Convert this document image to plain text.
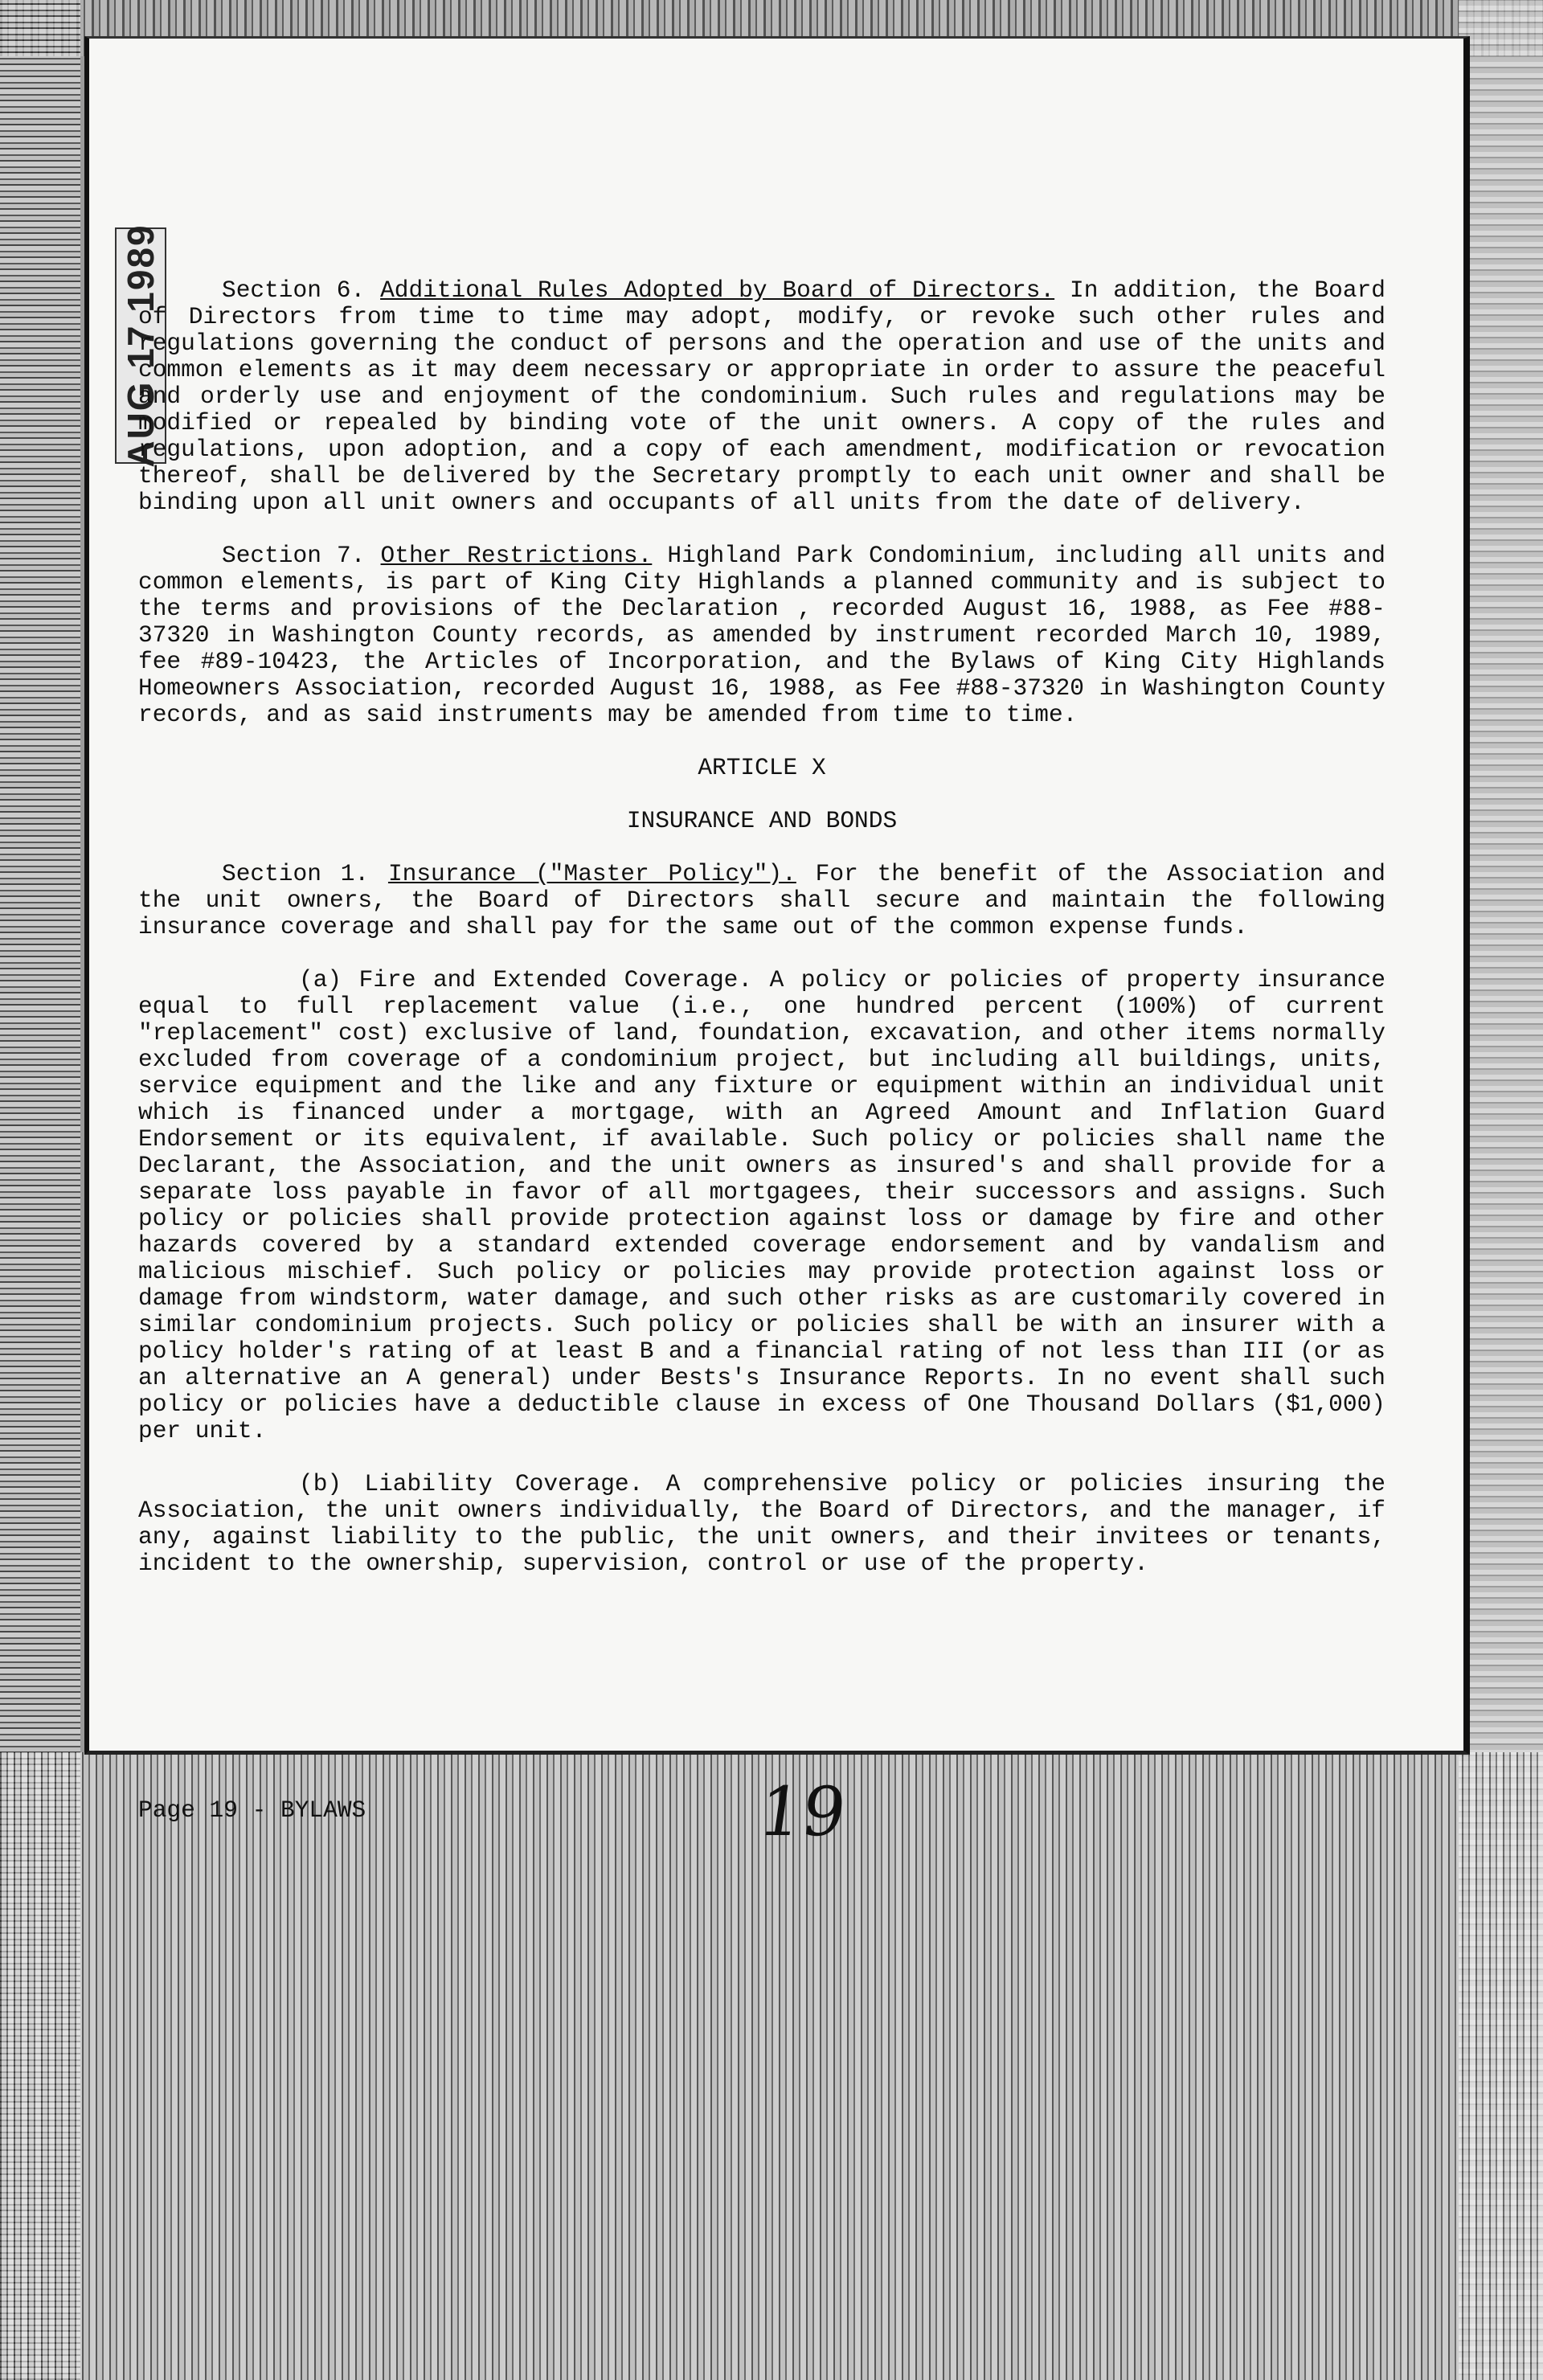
AUG 17 1989	Section 6. Additional Rules Adopted by Board of Directors. In addition, the Board of Directors from time to time may adopt, modify, or revoke such other rules and regulations governing the conduct of persons and the operation and use of the units and common elements as it may deem necessary or appropriate in order to assure the peaceful and orderly use and enjoyment of the condominium. Such rules and regulations may be modified or repealed by binding vote of the unit owners. A copy of the rules and regulations, upon adoption, and a copy of each amendment, modification or revocation thereof, shall be delivered by the Secretary promptly to each unit owner and shall be binding upon all unit owners and occupants of all units from the date of delivery.

Section 7. Other Restrictions. Highland Park Condominium, including all units and common elements, is part of King City Highlands a planned community and is subject to the terms and provisions of the Declaration , recorded August 16, 1988, as Fee #88-37320 in Washington County records, as amended by instrument recorded March 10, 1989, fee #89-10423, the Articles of Incorporation, and the Bylaws of King City Highlands Homeowners Association, recorded August 16, 1988, as Fee #88-37320 in Washington County records, and as said instruments may be amended from time to time.

ARTICLE X

INSURANCE AND BONDS

Section 1. Insurance ("Master Policy"). For the benefit of the Association and the unit owners, the Board of Directors shall secure and maintain the following insurance coverage and shall pay for the same out of the common expense funds.

(a) Fire and Extended Coverage. A policy or policies of property insurance equal to full replacement value (i.e., one hundred percent (100%) of current "replacement" cost) exclusive of land, foundation, excavation, and other items normally excluded from coverage of a condominium project, but including all buildings, units, service equipment and the like and any fixture or equipment within an individual unit which is financed under a mortgage, with an Agreed Amount and Inflation Guard Endorsement or its equivalent, if available. Such policy or policies shall name the Declarant, the Association, and the unit owners as insured's and shall provide for a separate loss payable in favor of all mortgagees, their successors and assigns. Such policy or policies shall provide protection against loss or damage by fire and other hazards covered by a standard extended coverage endorsement and by vandalism and malicious mischief. Such policy or policies may provide protection against loss or damage from windstorm, water damage, and such other risks as are customarily covered in similar condominium projects. Such policy or policies shall be with an insurer with a policy holder's rating of at least B and a financial rating of not less than III (or as an alternative an A general) under Bests's Insurance Reports. In no event shall such policy or policies have a deductible clause in excess of One Thousand Dollars ($1,000) per unit.

(b) Liability Coverage. A comprehensive policy or policies insuring the Association, the unit owners individually, the Board of Directors, and the manager, if any, against liability to the public, the unit owners, and their invitees or tenants, incident to the ownership, supervision, control or use of the property.

Page 19 - BYLAWS	19
